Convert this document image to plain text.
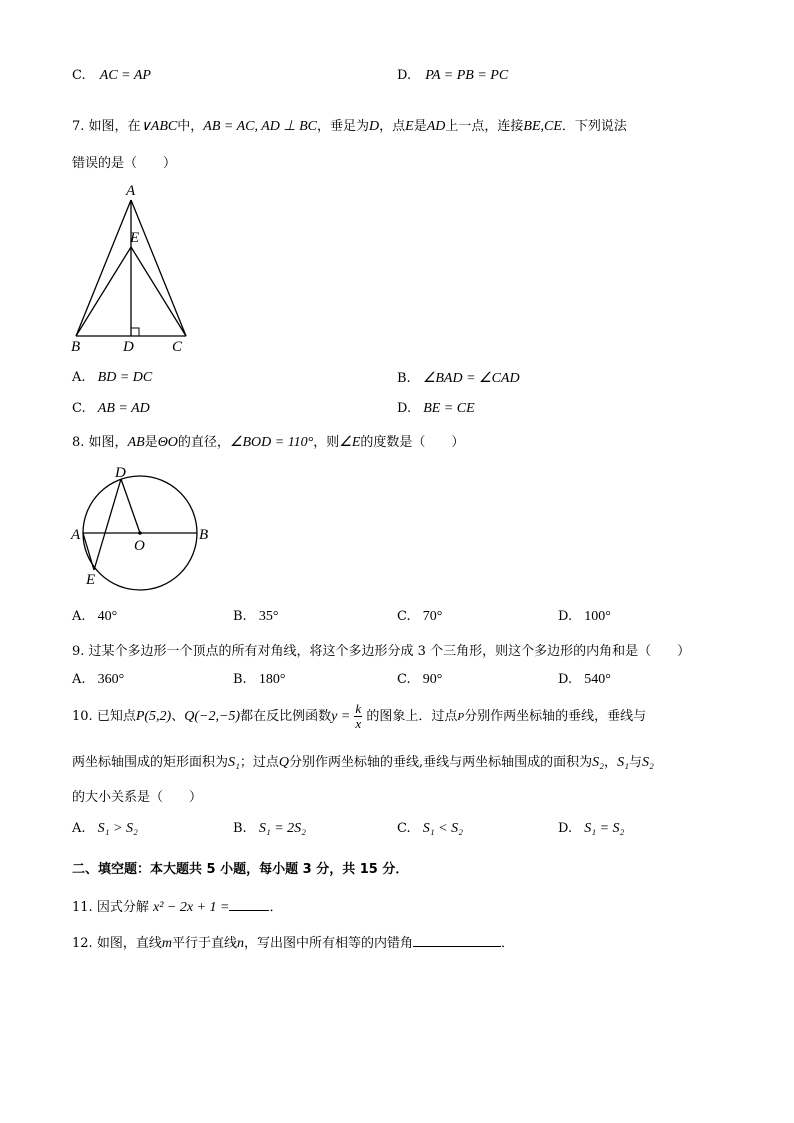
C. AC = AP	D. PA = PB = PC
7. 如图，在∨ABC中，AB = AC, AD ⊥ BC，垂足为D，点E是AD上一点，连接BE,CE．下列说法
错误的是（　　）
A
E
B	D	C
A. BD = DC	B. ∠BAD = ∠CAD
C. AB = AD	D. BE = CE
8. 如图，AB是ΘO的直径，∠BOD = 110°，则∠E的度数是（　　）
D
A
O
B
E
A. 40°	B. 35°	C. 70°	D. 100°
9. 过某个多边形一个顶点的所有对角线，将这个多边形分成 3 个三角形，则这个多边形的内角和是（　　）
A. 360°	B. 180°	C. 90°	D. 540°
10. 已知点P(5,2)、Q(−2,−5)都在反比例函数$y = \frac{k}{x}$ 的图象上．过点P分别作两坐标轴的垂线，垂线与
两坐标轴围成的矩形面积为S₁；过点Q分别作两坐标轴的垂线,垂线与两坐标轴围成的面积为S₂，S₁与S₂
的大小关系是（　　）
A. S₁ > S₂	B. S₁ = 2S₂	C. S₁ < S₂	D. S₁ = S₂
二、填空题：本大题共 5 小题，每小题 3 分，共 15 分．
11. 因式分解 x² − 2x + 1 =	．
12. 如图，直线m平行于直线n，写出图中所有相等的内错角	．
